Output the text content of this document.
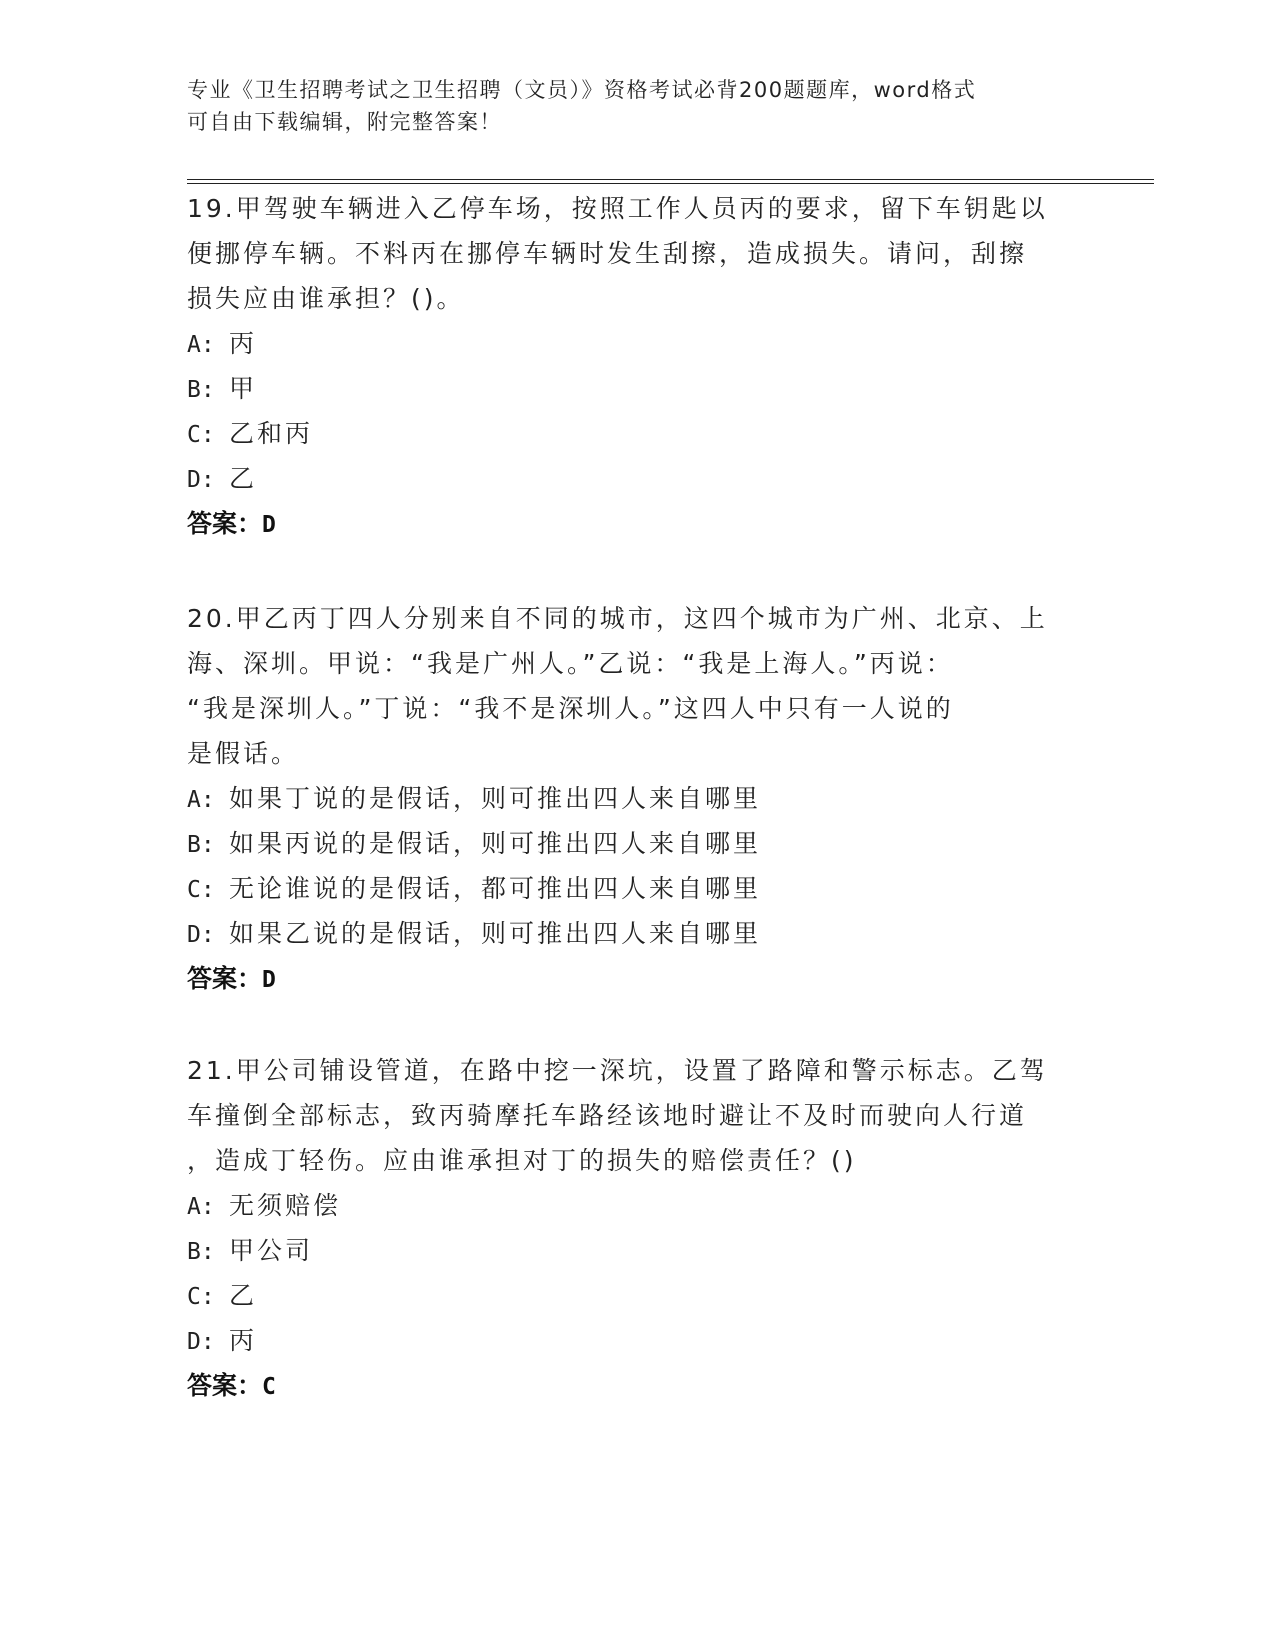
专业《卫生招聘考试之卫生招聘（文员）》资格考试必背200题题库，word格式
可自由下载编辑，附完整答案！
19.甲驾驶车辆进入乙停车场，按照工作人员丙的要求，留下车钥匙以
便挪停车辆。不料丙在挪停车辆时发生刮擦，造成损失。请问，刮擦
损失应由谁承担？()。
A: 丙
B: 甲
C: 乙和丙
D: 乙
答案：D
20.甲乙丙丁四人分别来自不同的城市，这四个城市为广州、北京、上
海、深圳。甲说：“我是广州人。”乙说：“我是上海人。”丙说：
“我是深圳人。”丁说：“我不是深圳人。”这四人中只有一人说的
是假话。
A: 如果丁说的是假话，则可推出四人来自哪里
B: 如果丙说的是假话，则可推出四人来自哪里
C: 无论谁说的是假话，都可推出四人来自哪里
D: 如果乙说的是假话，则可推出四人来自哪里
答案：D
21.甲公司铺设管道，在路中挖一深坑，设置了路障和警示标志。乙驾
车撞倒全部标志，致丙骑摩托车路经该地时避让不及时而驶向人行道
，造成丁轻伤。应由谁承担对丁的损失的赔偿责任？()
A: 无须赔偿
B: 甲公司
C: 乙
D: 丙
答案：C
